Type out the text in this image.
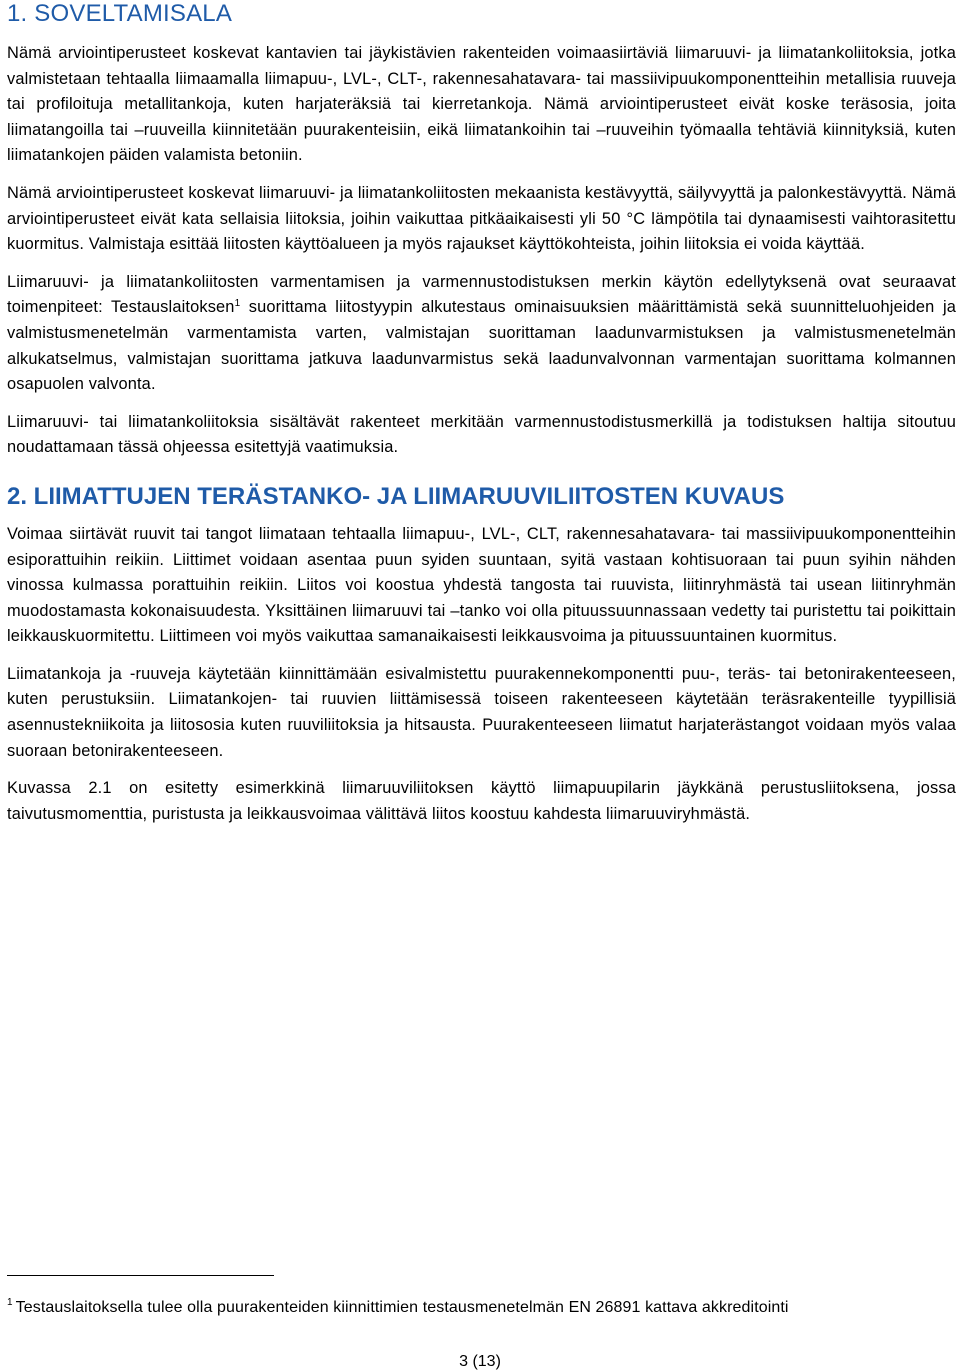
1. SOVELTAMISALA

Nämä arviointiperusteet koskevat kantavien tai jäykistävien rakenteiden voimaasiirtäviä liimaruuvi- ja liimatankoliitoksia, jotka valmistetaan tehtaalla liimaamalla liimapuu-, LVL-, CLT-, rakennesahatavara- tai massiivipuukomponentteihin metallisia ruuveja tai profiloituja metallitankoja, kuten harjateräksiä tai kierretankoja. Nämä arviointiperusteet eivät koske teräsosia, joita liimatangoilla tai –ruuveilla kiinnitetään puurakenteisiin, eikä liimatankoihin tai –ruuveihin työmaalla tehtäviä kiinnityksiä, kuten liimatankojen päiden valamista betoniin.

Nämä arviointiperusteet koskevat liimaruuvi- ja liimatankoliitosten mekaanista kestävyyttä, säilyvyyttä ja palonkestävyyttä. Nämä arviointiperusteet eivät kata sellaisia liitoksia, joihin vaikuttaa pitkäaikaisesti yli 50 °C lämpötila tai dynaamisesti vaihtorasitettu kuormitus. Valmistaja esittää liitosten käyttöalueen ja myös rajaukset käyttökohteista, joihin liitoksia ei voida käyttää.

Liimaruuvi- ja liimatankoliitosten varmentamisen ja varmennustodistuksen merkin käytön edellytyksenä ovat seuraavat toimenpiteet: Testauslaitoksen$^1$ suorittama liitostyypin alkutestaus ominaisuuksien määrittämistä sekä suunnitteluohjeiden ja valmistusmenetelmän varmentamista varten, valmistajan suorittaman laadunvarmistuksen ja valmistusmenetelmän alkukatselmus, valmistajan suorittama jatkuva laadunvarmistus sekä laadunvalvonnan varmentajan suorittama kolmannen osapuolen valvonta.

Liimaruuvi- tai liimatankoliitoksia sisältävät rakenteet merkitään varmennustodistusmerkillä ja todistuksen haltija sitoutuu noudattamaan tässä ohjeessa esitettyjä vaatimuksia.

2. LIIMATTUJEN TERÄSTANKO- JA LIIMARUUVILIITOSTEN KUVAUS

Voimaa siirtävät ruuvit tai tangot liimataan tehtaalla liimapuu-, LVL-, CLT, rakennesahatavara- tai massiivipuukomponentteihin esiporattuihin reikiin. Liittimet voidaan asentaa puun syiden suuntaan, syitä vastaan kohtisuoraan tai puun syihin nähden vinossa kulmassa porattuihin reikiin. Liitos voi koostua yhdestä tangosta tai ruuvista, liitinryhmästä tai usean liitinryhmän muodostamasta kokonaisuudesta. Yksittäinen liimaruuvi tai –tanko voi olla pituussuunnassaan vedetty tai puristettu tai poikittain leikkauskuormitettu. Liittimeen voi myös vaikuttaa samanaikaisesti leikkausvoima ja pituussuuntainen kuormitus.

Liimatankoja ja -ruuveja käytetään kiinnittämään esivalmistettu puurakennekomponentti puu-, teräs- tai betonirakenteeseen, kuten perustuksiin. Liimatankojen- tai ruuvien liittämisessä toiseen rakenteeseen käytetään teräsrakenteille tyypillisiä asennustekniikoita ja liitososia kuten ruuviliitoksia ja hitsausta. Puurakenteeseen liimatut harjaterästangot voidaan myös valaa suoraan betonirakenteeseen.

Kuvassa 2.1 on esitetty esimerkkinä liimaruuviliitoksen käyttö liimapuupilarin jäykkänä perustusliitoksena, jossa taivutusmomenttia, puristusta ja leikkausvoimaa välittävä liitos koostuu kahdesta liimaruuviryhmästä.

$^1$ Testauslaitoksella tulee olla puurakenteiden kiinnittimien testausmenetelmän EN 26891 kattava akkreditointi
3 (13)
